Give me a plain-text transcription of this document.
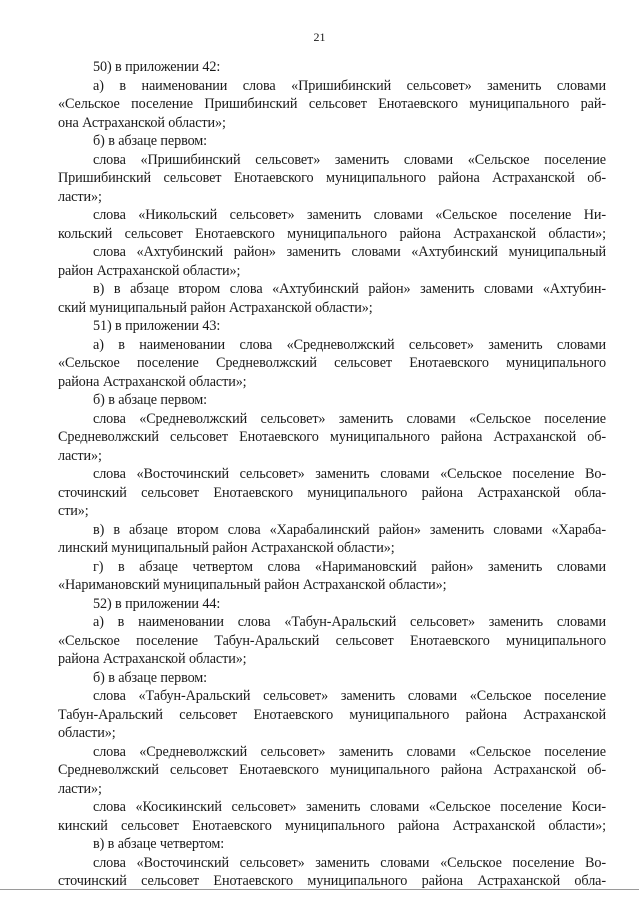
21
50) в приложении 42:
а) в наименовании слова «Пришибинский сельсовет» заменить словами
«Сельское поселение Пришибинский сельсовет Енотаевского муниципального рай-
она Астраханской области»;
б) в абзаце первом:
слова «Пришибинский сельсовет» заменить словами «Сельское поселение
Пришибинский сельсовет Енотаевского муниципального района Астраханской об-
ласти»;
слова «Никольский сельсовет» заменить словами «Сельское поселение Ни-
кольский сельсовет Енотаевского муниципального района Астраханской области»;
слова «Ахтубинский район» заменить словами «Ахтубинский муниципальный
район Астраханской области»;
в) в абзаце втором слова «Ахтубинский район» заменить словами «Ахтубин-
ский муниципальный район Астраханской области»;
51) в приложении 43:
а) в наименовании слова «Средневолжский сельсовет» заменить словами
«Сельское поселение Средневолжский сельсовет Енотаевского муниципального
района Астраханской области»;
б) в абзаце первом:
слова «Средневолжский сельсовет» заменить словами «Сельское поселение
Средневолжский сельсовет Енотаевского муниципального района Астраханской об-
ласти»;
слова «Восточинский сельсовет» заменить словами «Сельское поселение Во-
сточинский сельсовет Енотаевского муниципального района Астраханской обла-
сти»;
в) в абзаце втором слова «Харабалинский район» заменить словами «Хараба-
линский муниципальный район Астраханской области»;
г) в абзаце четвертом слова «Наримановский район» заменить словами
«Наримановский муниципальный район Астраханской области»;
52) в приложении 44:
а) в наименовании слова «Табун-Аральский сельсовет» заменить словами
«Сельское поселение Табун-Аральский сельсовет Енотаевского муниципального
района Астраханской области»;
б) в абзаце первом:
слова «Табун-Аральский сельсовет» заменить словами «Сельское поселение
Табун-Аральский сельсовет Енотаевского муниципального района Астраханской
области»;
слова «Средневолжский сельсовет» заменить словами «Сельское поселение
Средневолжский сельсовет Енотаевского муниципального района Астраханской об-
ласти»;
слова «Косикинский сельсовет» заменить словами «Сельское поселение Коси-
кинский сельсовет Енотаевского муниципального района Астраханской области»;
в) в абзаце четвертом:
слова «Восточинский сельсовет» заменить словами «Сельское поселение Во-
сточинский сельсовет Енотаевского муниципального района Астраханской обла-
